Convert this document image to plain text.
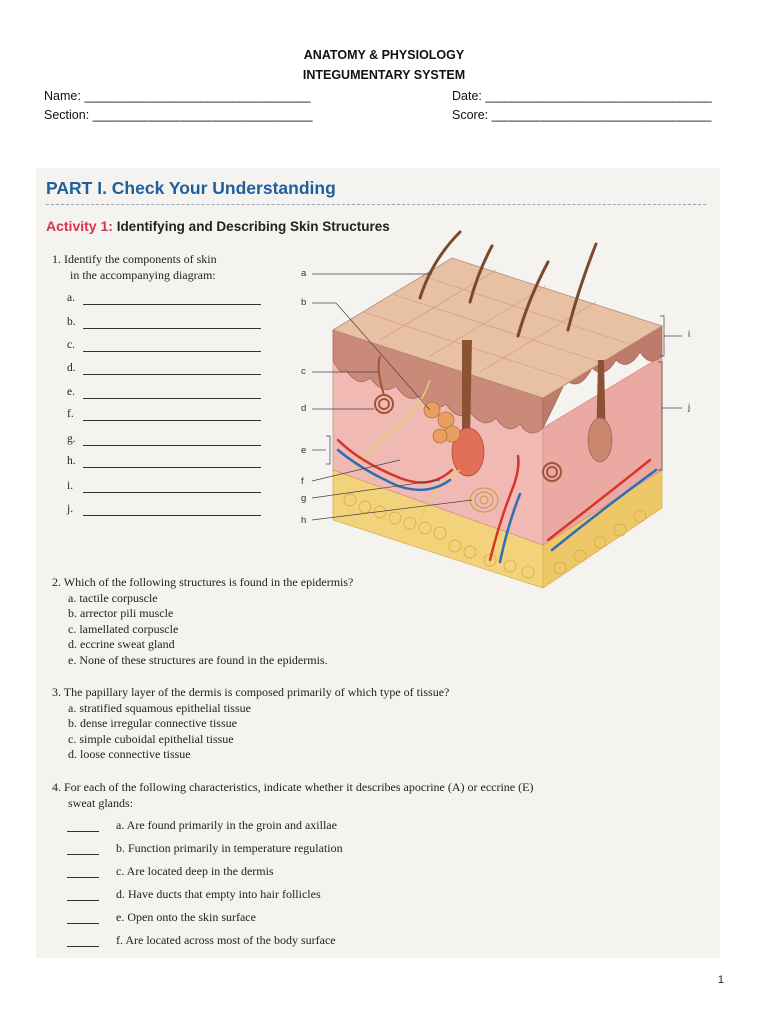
ANATOMY & PHYSIOLOGY
INTEGUMENTARY SYSTEM
Name: ___________________________________	Date: ___________________________________
Section: __________________________________	Score: __________________________________
PART I. Check Your Understanding
Activity 1: Identifying and Describing Skin Structures
1. Identify the components of skin
in the accompanying diagram:
a.
b.
c.
d.
e.
f.
g.
h.
i.
j.
a
b
c
d
e
f
g
h
i
j
2. Which of the following structures is found in the epidermis?
a. tactile corpuscle
b. arrector pili muscle
c. lamellated corpuscle
d. eccrine sweat gland
e. None of these structures are found in the epidermis.
3. The papillary layer of the dermis is composed primarily of which type of tissue?
a. stratified squamous epithelial tissue
b. dense irregular connective tissue
c. simple cuboidal epithelial tissue
d. loose connective tissue
4. For each of the following characteristics, indicate whether it describes apocrine (A) or eccrine (E)
sweat glands:
a. Are found primarily in the groin and axillae
b. Function primarily in temperature regulation
c. Are located deep in the dermis
d. Have ducts that empty into hair follicles
e. Open onto the skin surface
f. Are located across most of the body surface
1
